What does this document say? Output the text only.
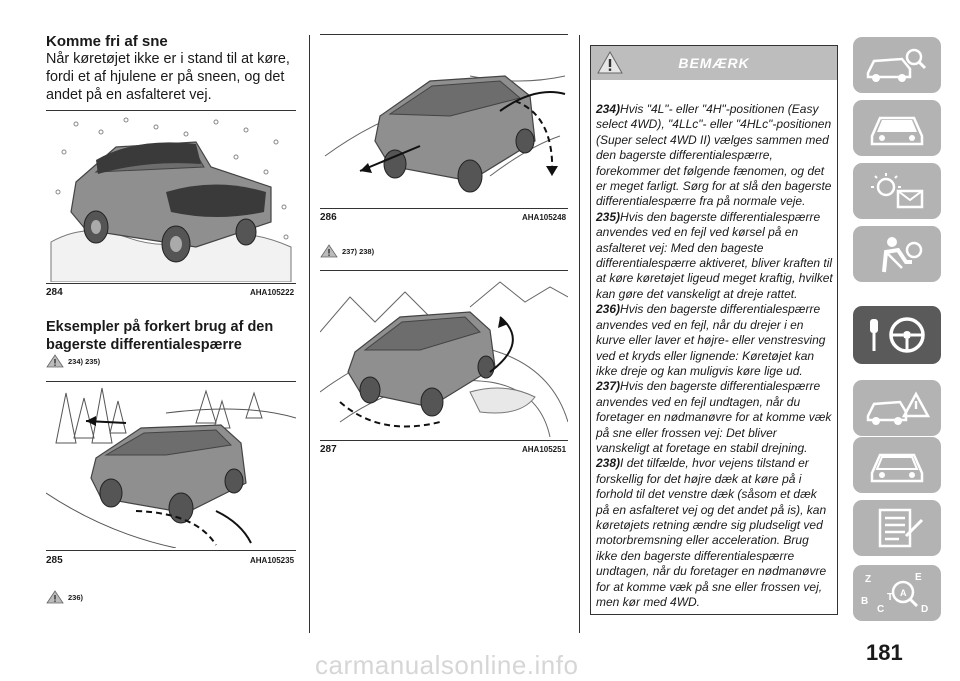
Komme fri af sne
Når køretøjet ikke er i stand til at køre, fordi et af hjulene er på sneen, og det andet på en asfalteret vej.
284	AHA105222
Eksempler på forkert brug af den bagerste differentialespærre
234) 235)
285	AHA105235
236)
286	AHA105248
237) 238)
287	AHA105251
BEMÆRK

234)Hvis "4L"- eller "4H"-positionen (Easy select 4WD), "4LLc"- eller "4HLc"-positionen (Super select 4WD II) vælges sammen med den bagerste differentialespærre, forekommer det følgende fænomen, og det er meget farligt. Sørg for at slå den bagerste differentialespærre fra på normale veje.

235)Hvis den bagerste differentialespærre anvendes ved en fejl ved kørsel på en asfalteret vej: Med den bageste differentialespærre aktiveret, bliver kraften til at køre køretøjet ligeud meget kraftig, hvilket kan gøre det vanskeligt at dreje rattet.

236)Hvis den bagerste differentialespærre anvendes ved en fejl, når du drejer i en kurve eller laver et højre- eller venstresving ved et kryds eller lignende: Køretøjet kan ikke dreje og kan muligvis køre lige ud.

237)Hvis den bagerste differentialespærre anvendes ved en fejl undtagen, når du foretager en nødmanøvre for at komme væk på sne eller frossen vej: Det bliver vanskeligt at foretage en stabil drejning.

238)I det tilfælde, hvor vejens tilstand er forskellig for det højre dæk at køre på i forhold til det venstre dæk (såsom et dæk på en asfalteret vej og det andet på is), kan køretøjets retning ændre sig pludseligt ved motorbremsning eller acceleration. Brug ikke den bagerste differentialespærre undtagen, når du foretager en nødmanøvre for at komme væk på sne eller frossen vej, men kør med 4WD.

Z	E
B
C
T A
D
181
carmanualsonline.info
